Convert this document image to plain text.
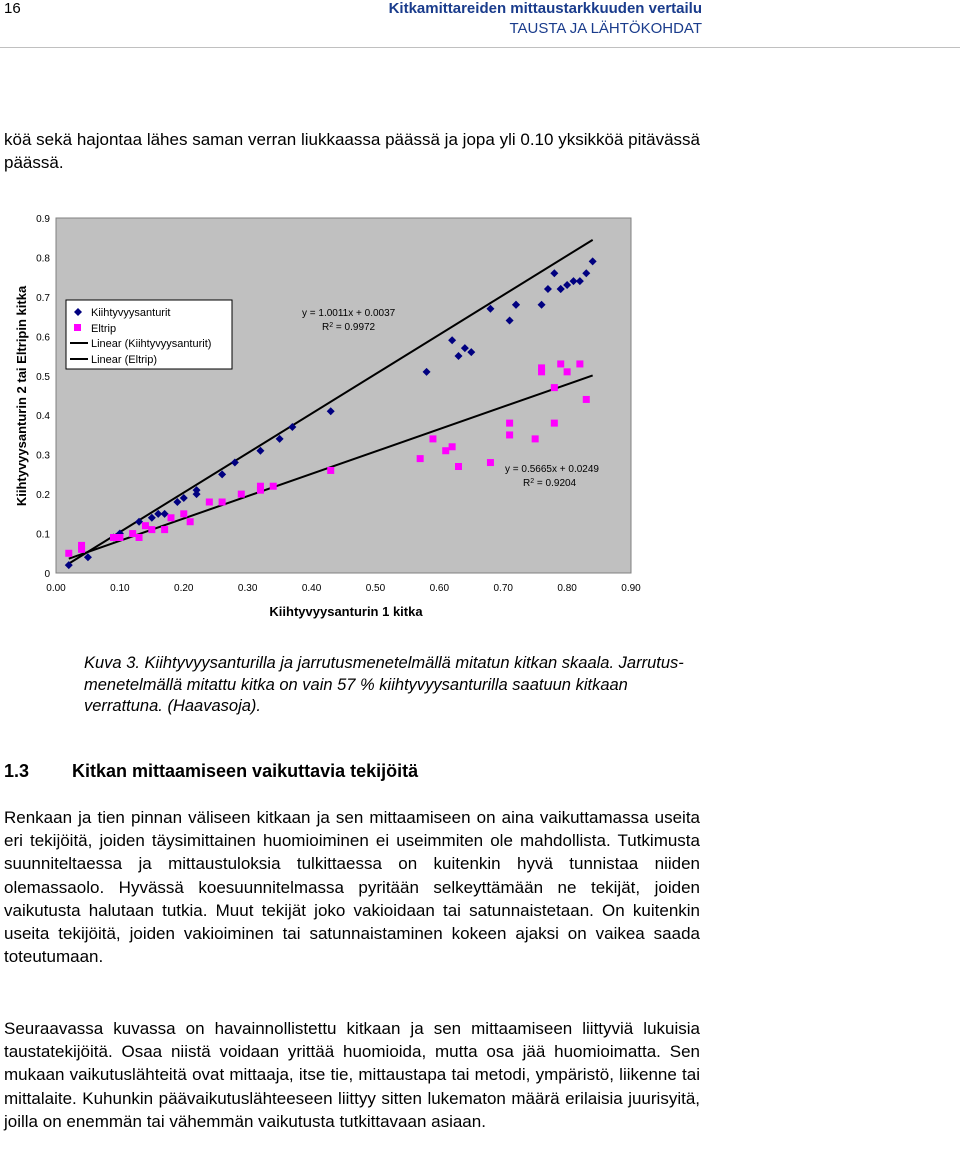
16	Kitkamittareiden mittaustarkkuuden vertailu
TAUSTA JA LÄHTÖKOHDAT
köä sekä hajontaa lähes saman verran liukkaassa päässä ja jopa yli 0.10 yksikköä pitävässä päässä.
0
0.1
0.2
0.3
0.4
0.5
0.6
0.7
0.8
0.9
0.00	0.10	0.20	0.30	0.40	0.50	0.60	0.70	0.80	0.90
Kiihtyvyysanturin 1 kitka
Kiihtyvyysanturin 2 tai Eltripin kitka	Kiihtyvyysanturit
Eltrip
Linear (Kiihtyvyysanturit)
Linear (Eltrip)
y = 1.0011x + 0.0037
$R^2 = 0.9972$
y = 0.5665x + 0.0249
$R^2 = 0.9204$
Kuva 3. Kiihtyvyysanturilla ja jarrutusmenetelmällä mitatun kitkan skaala. Jarrutus-
menetelmällä mitattu kitka on vain 57 % kiihtyvyysanturilla saatuun kitkaan
verrattuna. (Haavasoja).
1.3 Kitkan mittaamiseen vaikuttavia tekijöitä
Renkaan ja tien pinnan väliseen kitkaan ja sen mittaamiseen on aina vaikuttamassa useita eri tekijöitä, joiden täysimittainen huomioiminen ei useimmiten ole mahdollista. Tutkimusta suunniteltaessa ja mittaustuloksia tulkittaessa on kuitenkin hyvä tunnistaa niiden olemassaolo. Hyvässä koesuunnitelmassa pyritään selkeyttämään ne tekijät, joiden vaikutusta halutaan tutkia. Muut tekijät joko vakioidaan tai satunnaistetaan. On kuitenkin useita tekijöitä, joiden vakioiminen tai satunnaistaminen kokeen ajaksi on vaikea saada toteutumaan.
Seuraavassa kuvassa on havainnollistettu kitkaan ja sen mittaamiseen liittyviä lukuisia taustatekijöitä. Osaa niistä voidaan yrittää huomioida, mutta osa jää huomioimatta. Sen mukaan vaikutuslähteitä ovat mittaaja, itse tie, mittaustapa tai metodi, ympäristö, liikenne tai mittalaite. Kuhunkin päävaikutuslähteeseen liittyy sitten lukematon määrä erilaisia juurisyitä, joilla on enemmän tai vähemmän vaikutusta tutkittavaan asiaan.
